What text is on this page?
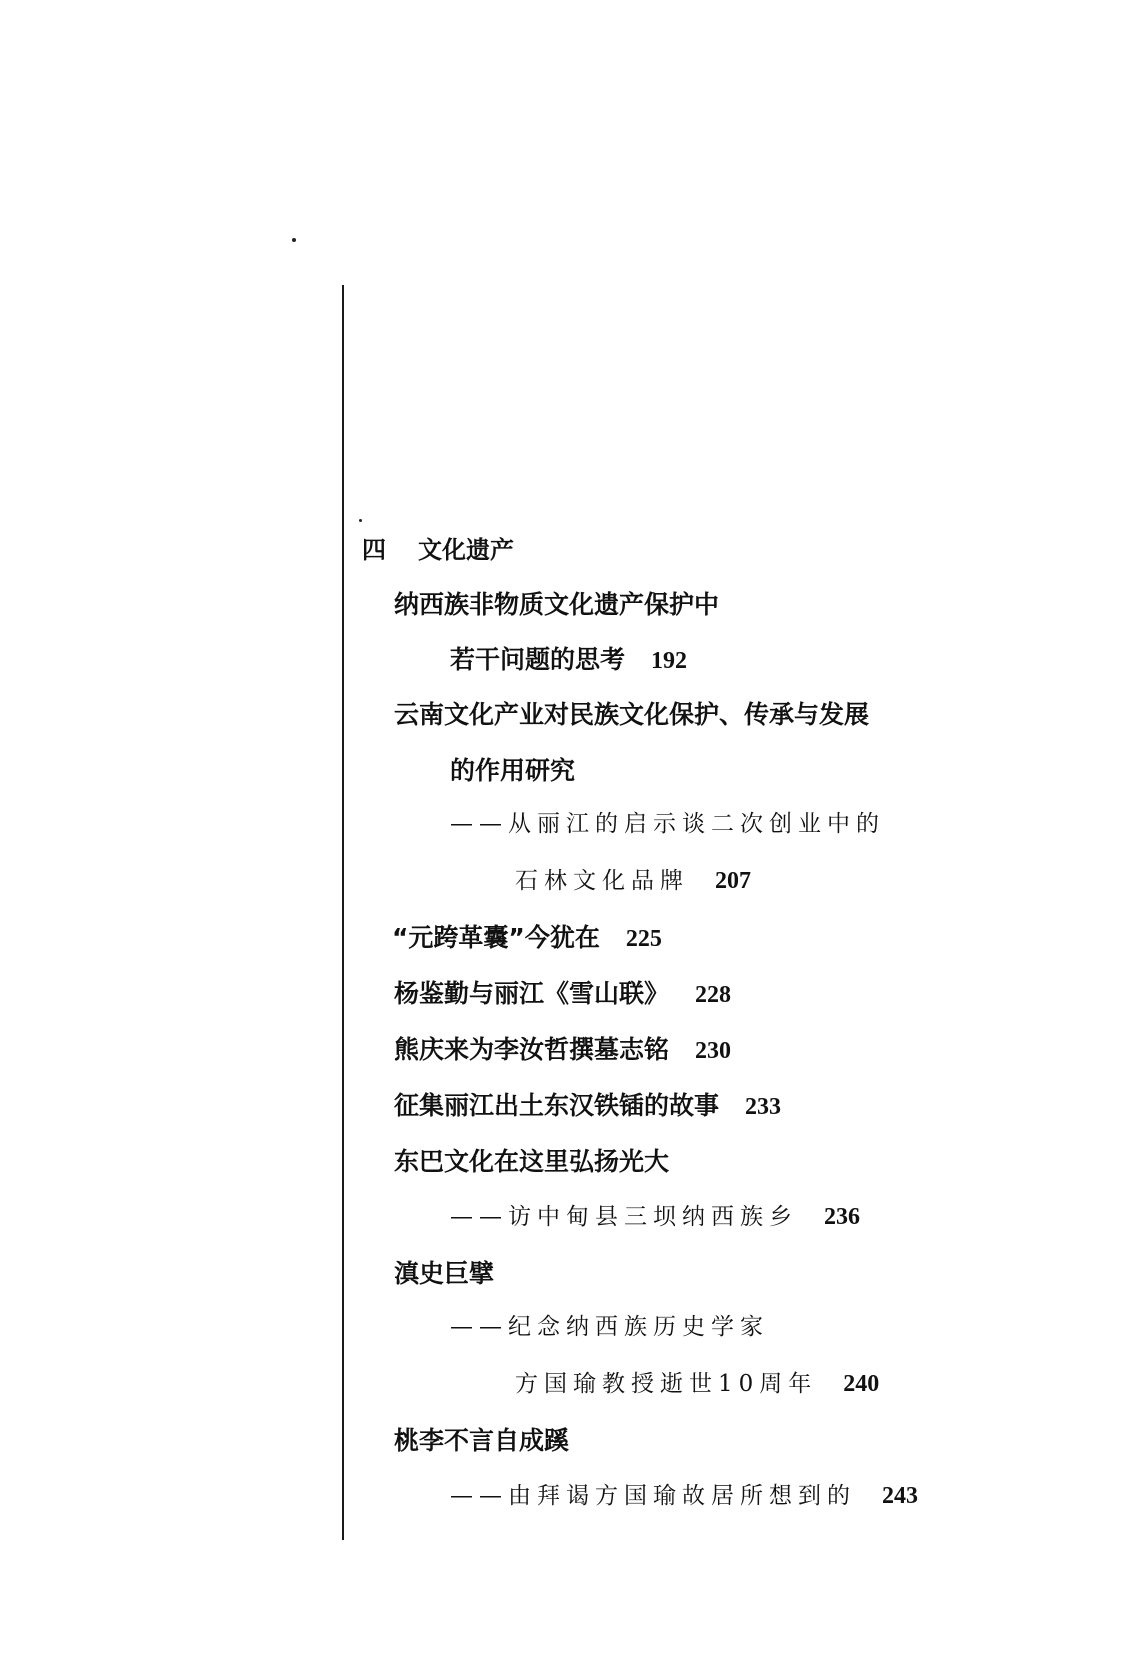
四 文化遗产
纳西族非物质文化遗产保护中
若干问题的思考 192
云南文化产业对民族文化保护、传承与发展
的作用研究
——从丽江的启示谈二次创业中的
石林文化品牌 207
“元跨革囊”今犹在 225
杨鉴勤与丽江《雪山联》 228
熊庆来为李汝哲撰墓志铭 230
征集丽江出土东汉铁锸的故事 233
东巴文化在这里弘扬光大
——访中甸县三坝纳西族乡 236
滇史巨擘
——纪念纳西族历史学家
方国瑜教授逝世10周年 240
桃李不言自成蹊
——由拜谒方国瑜故居所想到的 243
